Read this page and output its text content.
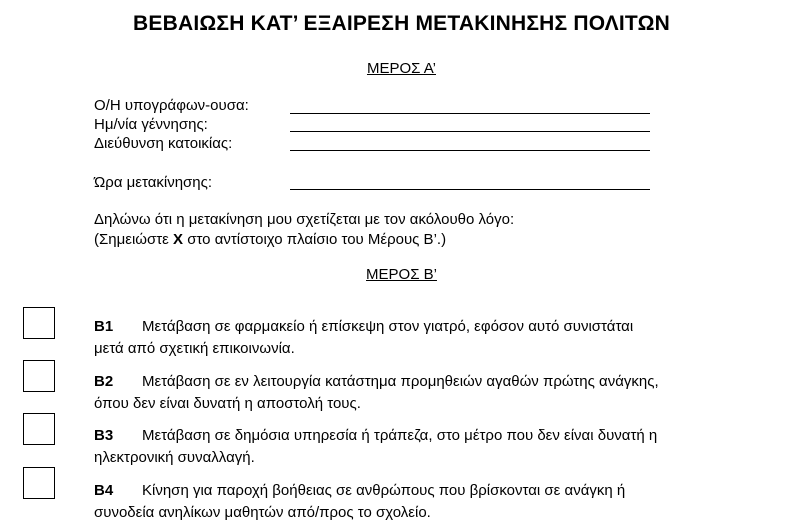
ΒΕΒΑΙΩΣΗ ΚΑΤ’ ΕΞΑΙΡΕΣΗ ΜΕΤΑΚΙΝΗΣΗΣ ΠΟΛΙΤΩΝ
ΜΕΡΟΣ Α’
Ο/Η υπογράφων-ουσα:
Ημ/νία γέννησης:
Διεύθυνση κατοικίας:
Ώρα μετακίνησης:
Δηλώνω ότι η μετακίνηση μου σχετίζεται με τον ακόλουθο λόγο:
(Σημειώστε X στο αντίστοιχο πλαίσιο του Μέρους Β’.)
ΜΕΡΟΣ Β’
Β1 Μετάβαση σε φαρμακείο ή επίσκεψη στον γιατρό, εφόσον αυτό συνιστάται
μετά από σχετική επικοινωνία.
Β2 Μετάβαση σε εν λειτουργία κατάστημα προμηθειών αγαθών πρώτης ανάγκης,
όπου δεν είναι δυνατή η αποστολή τους.
Β3 Μετάβαση σε δημόσια υπηρεσία ή τράπεζα, στο μέτρο που δεν είναι δυνατή η
ηλεκτρονική συναλλαγή.
Β4 Κίνηση για παροχή βοήθειας σε ανθρώπους που βρίσκονται σε ανάγκη ή
συνοδεία ανηλίκων μαθητών από/προς το σχολείο.
